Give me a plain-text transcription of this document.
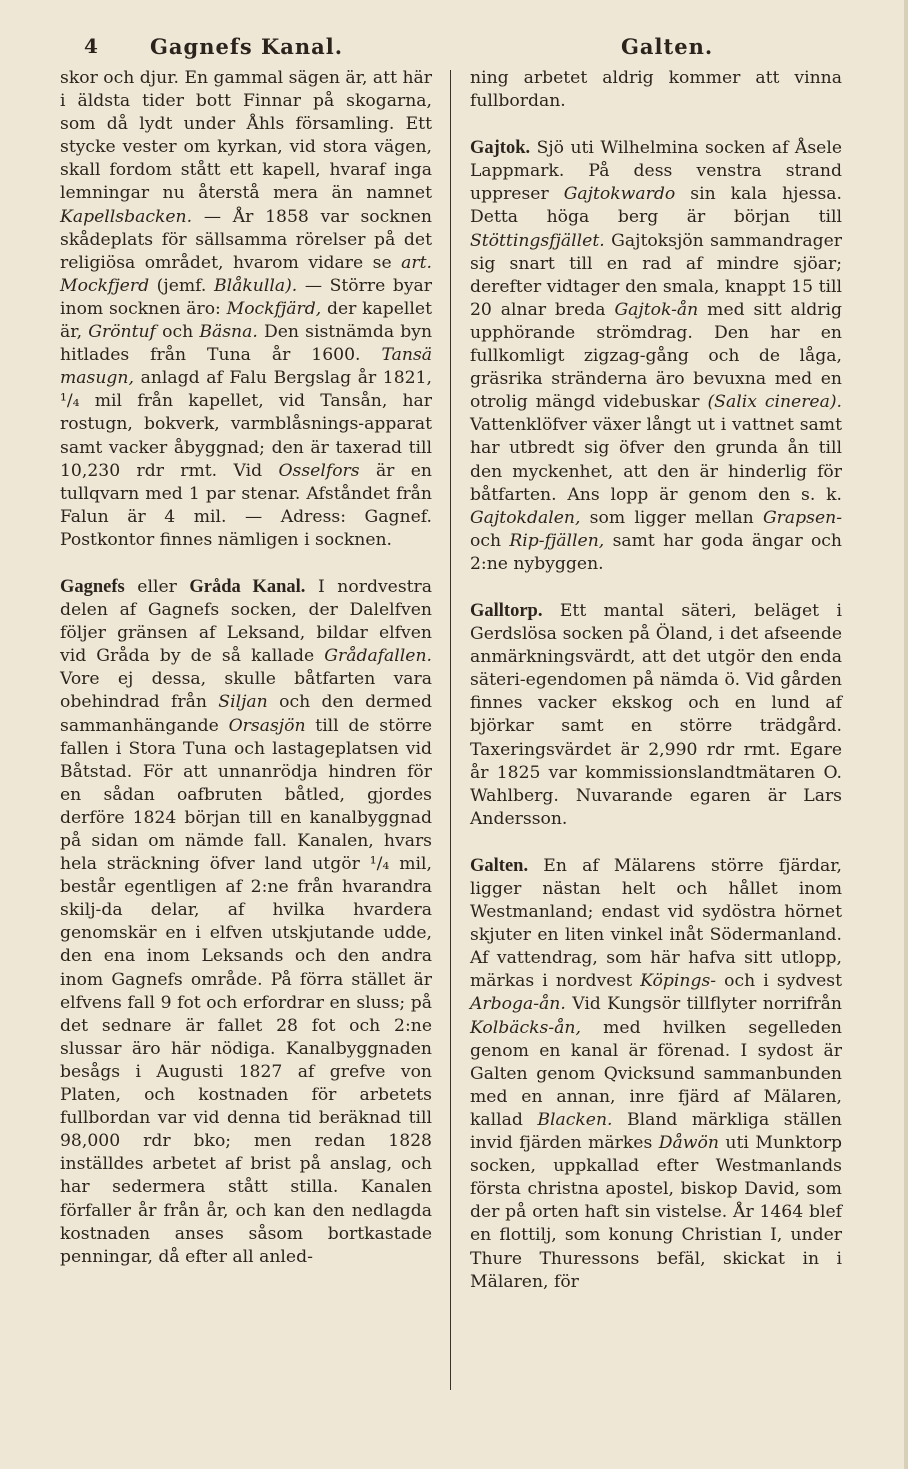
4 Gagnefs Kanal.	Galten.

skor och djur. En gammal sägen är, att här i äldsta tider bott Finnar på skogarna, som då lydt under Åhls församling. Ett stycke vester om kyrkan, vid stora vägen, skall fordom stått ett kapell, hvaraf inga lemningar nu återstå mera än namnet Kapellsbacken. — År 1858 var socknen skådeplats för sällsamma rörelser på det religiösa området, hvarom vidare se art. Mockfjerd (jemf. Blåkulla). — Större byar inom socknen äro: Mockfjärd, der kapellet är, Gröntuf och Bäsna. Den sistnämda byn hitlades från Tuna år 1600. Tansä masugn, anlagd af Falu Bergslag år 1821, ¹/₄ mil från kapellet, vid Tansån, har rostugn, bokverk, varmblåsnings-apparat samt vacker åbyggnad; den är taxerad till 10,230 rdr rmt. Vid Osselfors är en tullqvarn med 1 par stenar. Afståndet från Falun är 4 mil. — Adress: Gagnef. Postkontor finnes nämligen i socknen.

Gagnefs eller Gråda Kanal. I nordvestra delen af Gagnefs socken, der Dalelfven följer gränsen af Leksand, bildar elfven vid Gråda by de så kallade Grådafallen. Vore ej dessa, skulle båtfarten vara obehindrad från Siljan och den dermed sammanhängande Orsasjön till de större fallen i Stora Tuna och lastageplatsen vid Båtstad. För att unnanrödja hindren för en sådan oafbruten båtled, gjordes derföre 1824 början till en kanalbyggnad på sidan om nämde fall. Kanalen, hvars hela sträckning öfver land utgör ¹/₄ mil, består egentligen af 2:ne från hvarandra skilj-da delar, af hvilka hvardera genomskär en i elfven utskjutande udde, den ena inom Leksands och den andra inom Gagnefs område. På förra stället är elfvens fall 9 fot och erfordrar en sluss; på det sednare är fallet 28 fot och 2:ne slussar äro här nödiga. Kanalbyggnaden besågs i Augusti 1827 af grefve von Platen, och kostnaden för arbetets fullbordan var vid denna tid beräknad till 98,000 rdr bko; men redan 1828 inställdes arbetet af brist på anslag, och har sedermera stått stilla. Kanalen förfaller år från år, och kan den nedlagda kostnaden anses såsom bortkastade penningar, då efter all anled-

ning arbetet aldrig kommer att vinna fullbordan.

Gajtok. Sjö uti Wilhelmina socken af Åsele Lappmark. På dess venstra strand uppreser Gajtokwardo sin kala hjessa. Detta höga berg är början till Stöttingsfjället. Gajtoksjön sammandrager sig snart till en rad af mindre sjöar; derefter vidtager den smala, knappt 15 till 20 alnar breda Gajtok-ån med sitt aldrig upphörande strömdrag. Den har en fullkomligt zigzag-gång och de låga, gräsrika stränderna äro bevuxna med en otrolig mängd videbuskar (Salix cinerea). Vattenklöfver växer långt ut i vattnet samt har utbredt sig öfver den grunda ån till den myckenhet, att den är hinderlig för båtfarten. Ans lopp är genom den s. k. Gajtokdalen, som ligger mellan Grapsen- och Rip-fjällen, samt har goda ängar och 2:ne nybyggen.

Galltorp. Ett mantal säteri, beläget i Gerdslösa socken på Öland, i det afseende anmärkningsvärdt, att det utgör den enda säteri-egendomen på nämda ö. Vid gården finnes vacker ekskog och en lund af björkar samt en större trädgård. Taxeringsvärdet är 2,990 rdr rmt. Egare år 1825 var kommissionslandtmätaren O. Wahlberg. Nuvarande egaren är Lars Andersson.

Galten. En af Mälarens större fjärdar, ligger nästan helt och hållet inom Westmanland; endast vid sydöstra hörnet skjuter en liten vinkel inåt Södermanland. Af vattendrag, som här hafva sitt utlopp, märkas i nordvest Köpings- och i sydvest Arboga-ån. Vid Kungsör tillflyter norrifrån Kolbäcks-ån, med hvilken segelleden genom en kanal är förenad. I sydost är Galten genom Qvicksund sammanbunden med en annan, inre fjärd af Mälaren, kallad Blacken. Bland märkliga ställen invid fjärden märkes Dåwön uti Munktorp socken, uppkallad efter Westmanlands första christna apostel, biskop David, som der på orten haft sin vistelse. År 1464 blef en flottilj, som konung Christian I, under Thure Thuressons befäl, skickat in i Mälaren, för
